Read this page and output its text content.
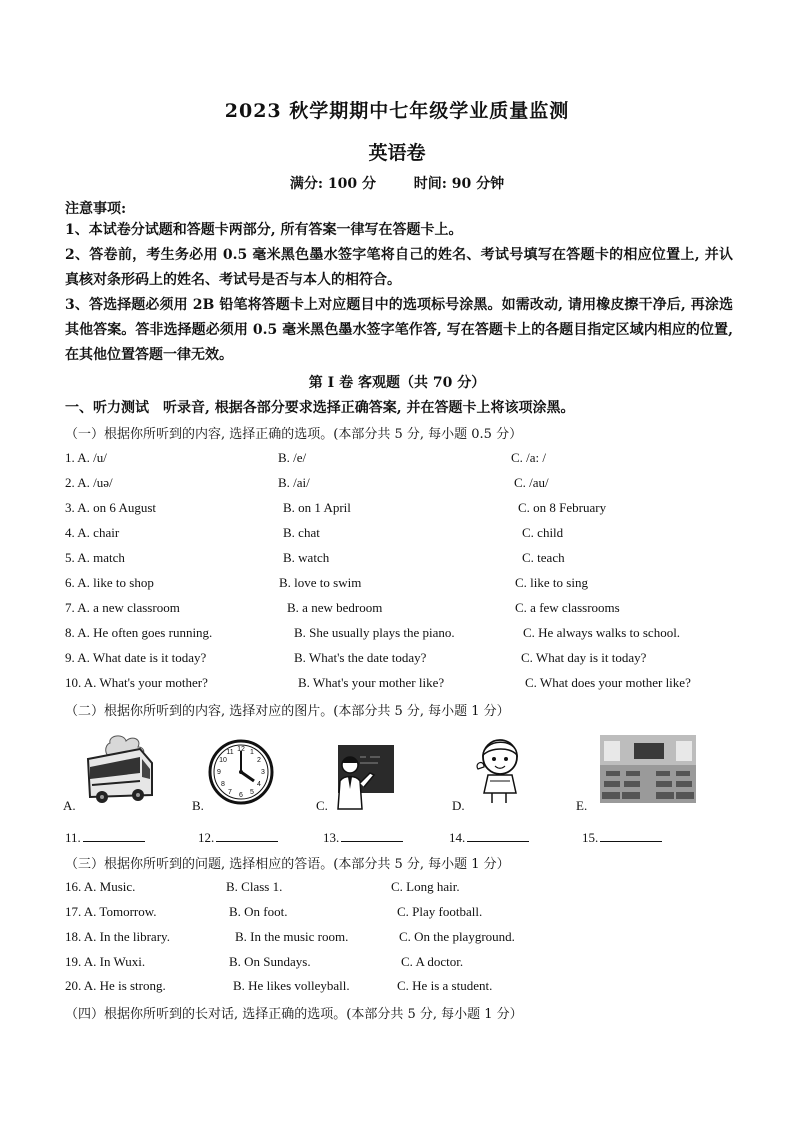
2023 秋学期期中七年级学业质量监测
英语卷
满分: 100 分	时间: 90 分钟
注意事项:
1、本试卷分试题和答题卡两部分, 所有答案一律写在答题卡上。
2、答卷前，考生务必用 0.5 毫米黑色墨水签字笔将自己的姓名、考试号填写在答题卡的相应位置上, 并认真核对条形码上的姓名、考试号是否与本人的相符合。
3、答选择题必须用 2B 铅笔将答题卡上对应题目中的选项标号涂黑。如需改动, 请用橡皮擦干净后, 再涂选其他答案。答非选择题必须用 0.5 毫米黑色墨水签字笔作答, 写在答题卡上的各题目指定区域内相应的位置, 在其他位置答题一律无效。
第 I 卷 客观题（共 70 分）
一、听力测试　听录音, 根据各部分要求选择正确答案, 并在答题卡上将该项涂黑。
（一）根据你所听到的内容, 选择正确的选项。(本部分共 5 分, 每小题 0.5 分）
1. A. /u/	B. /e/	C. /a: /
2. A. /uə/	B. /ai/	C. /au/
3. A. on 6 August	B. on 1 April	C. on 8 February
4. A. chair	B. chat	C. child
5. A. match	B. watch	C. teach
6. A. like to shop	B. love to swim	C. like to sing
7. A. a new classroom	B. a new bedroom	C. a few classrooms
8. A. He often goes running.	B. She usually plays the piano.	C. He always walks to school.
9. A. What date is it today?	B. What's the date today?	C. What day is it today?
10. A. What's your mother?	B. What's your mother like?	C. What does your mother like?
（二）根据你所听到的内容, 选择对应的图片。(本部分共 5 分, 每小题 1 分）
A.	B.
12 1
2
3
4
5
6
7
8
9
10
11
C.	D.	E.
11.	12.	13.	14.	15.
（三）根据你所听到的问题, 选择相应的答语。(本部分共 5 分, 每小题 1 分）
16. A. Music.	B. Class 1.	C. Long hair.
17. A. Tomorrow.	B. On foot.	C. Play football.
18. A. In the library.	B. In the music room.	C. On the playground.
19. A. In Wuxi.	B. On Sundays.	C. A doctor.
20. A. He is strong.	B. He likes volleyball.	C. He is a student.
（四）根据你所听到的长对话, 选择正确的选项。(本部分共 5 分, 每小题 1 分）
